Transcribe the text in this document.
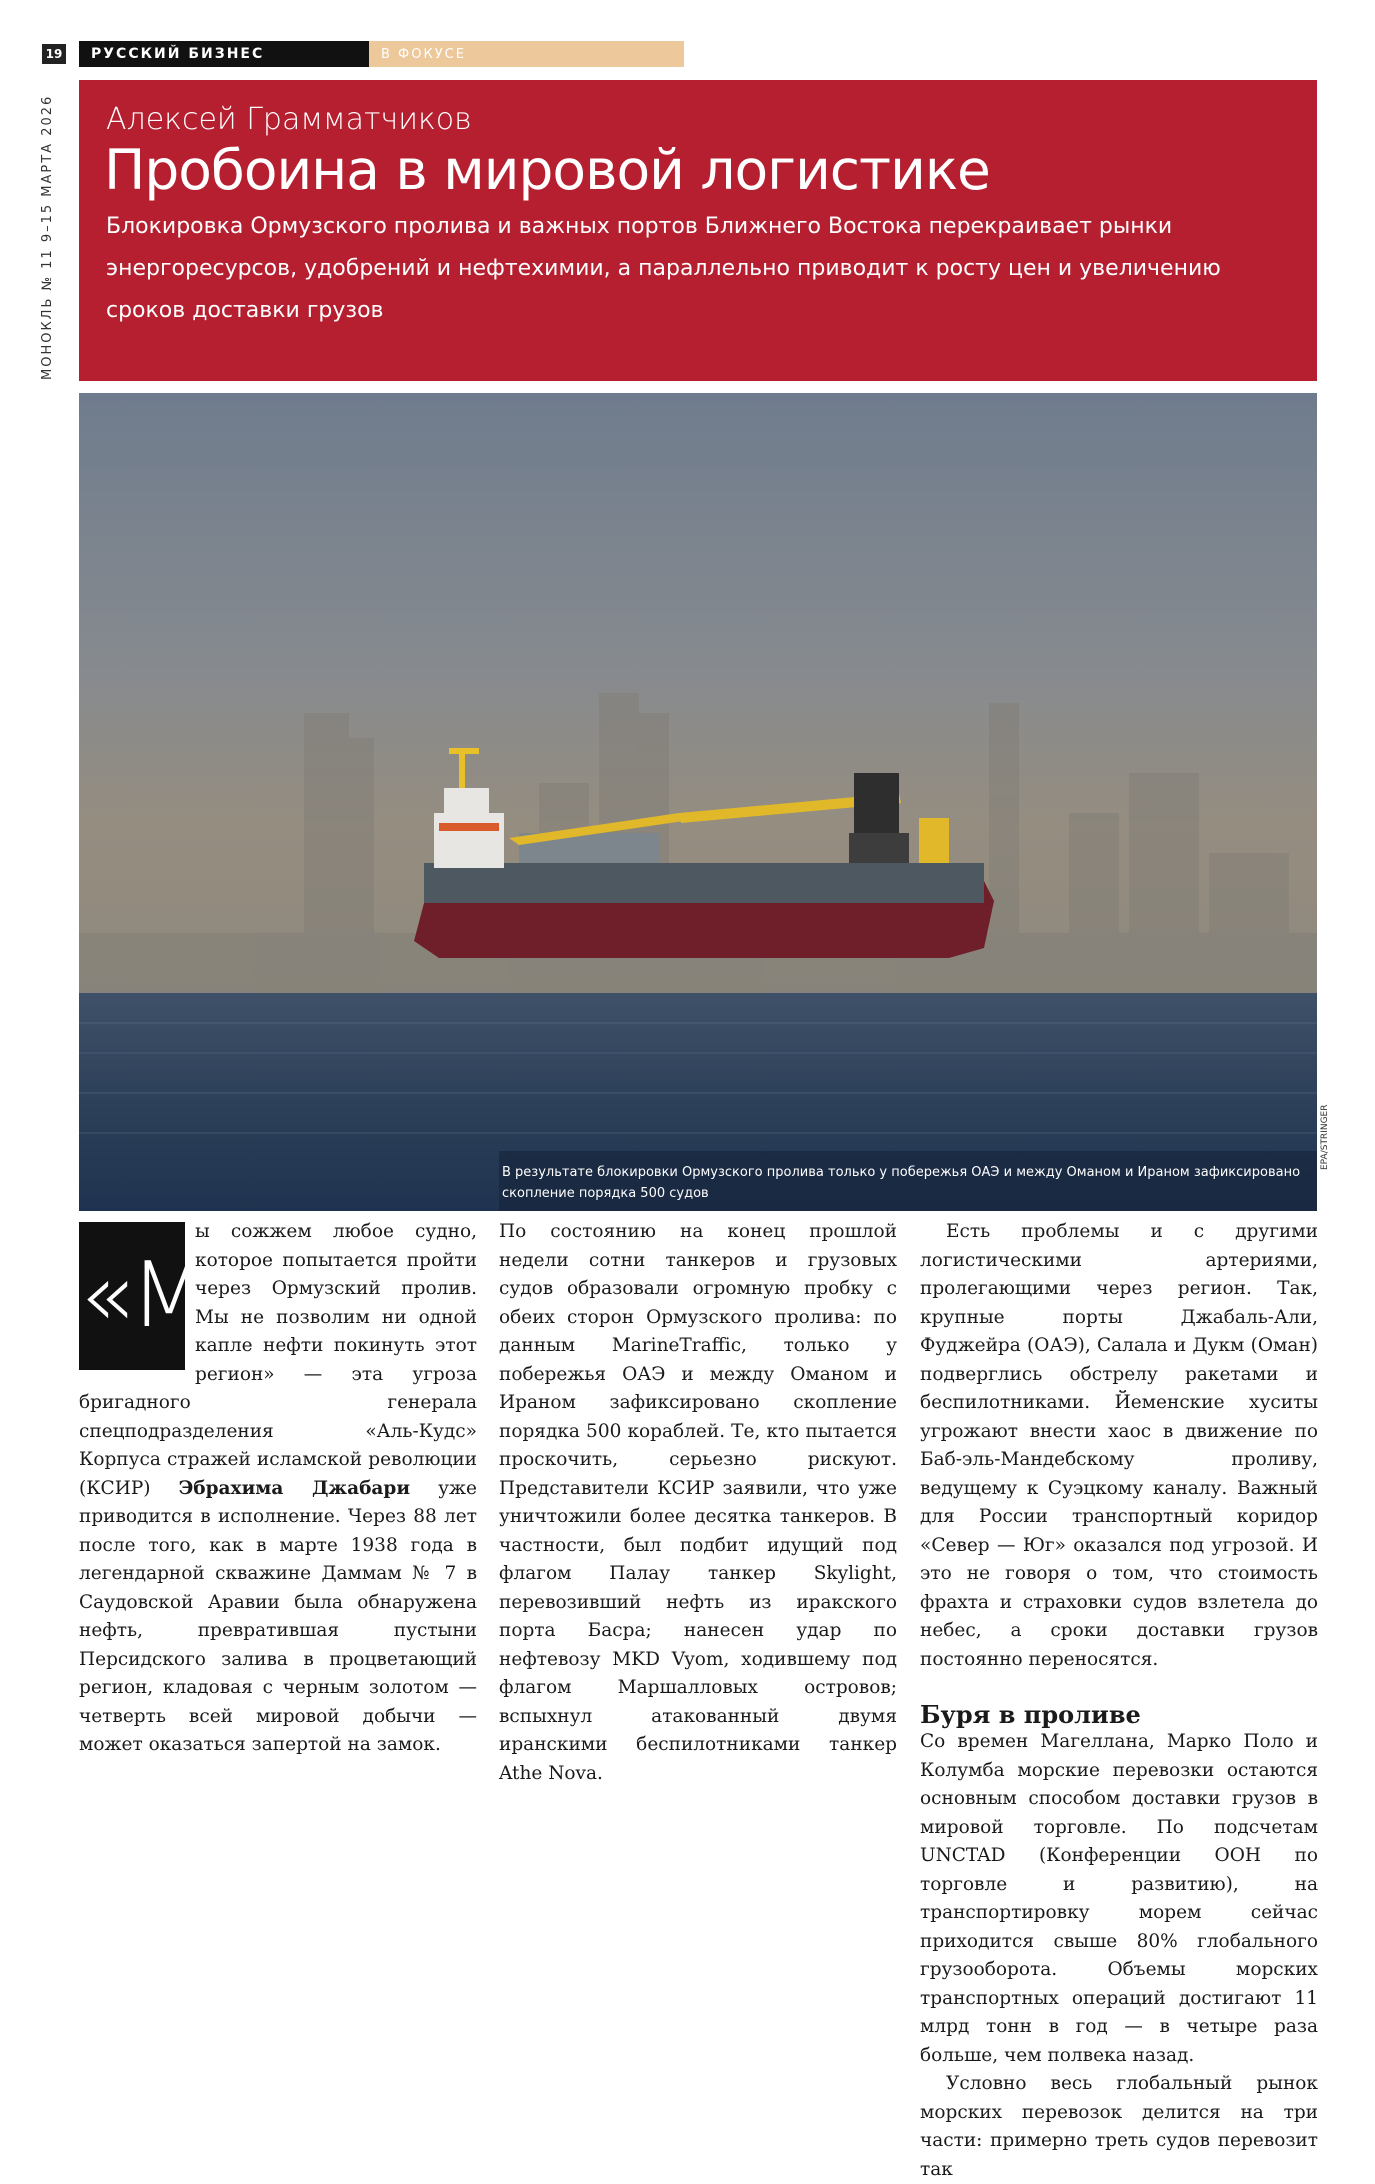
19	РУССКИЙ БИЗНЕС	В ФОКУСЕ
МОНОКЛЬ № 11 9–15 МАРТА 2026	Алексей Грамматчиков
Пробоина в мировой логистике
Блокировка Ормузского пролива и важных портов Ближнего Востока перекраивает рынки энергоресурсов, удобрений и нефтехимии, а параллельно приводит к росту цен и увеличению сроков доставки грузов
В результате блокировки Ормузского пролива только у побережья ОАЭ и между Оманом и Ираном зафиксировано скопление порядка 500 судов
EPA/STRINGER

«М
ы сожжем любое судно, которое попытается пройти через Ормузский пролив. Мы не позволим ни одной капле нефти покинуть этот регион» — эта угроза бригадного генерала спецподразделения «Аль-Кудс» Корпуса стражей исламской революции (КСИР) Эбрахима Джабари уже приводится в исполнение. Через 88 лет после того, как в марте 1938 года в легендарной скважине Даммам № 7 в Саудовской Аравии была обнаружена нефть, превратившая пустыни Персидского залива в процветающий регион, кладовая с черным золотом — четверть всей мировой добычи — может оказаться запертой на замок.

По состоянию на конец прошлой недели сотни танкеров и грузовых судов образовали огромную пробку с обеих сторон Ормузского пролива: по данным MarineTraffic, только у побережья ОАЭ и между Оманом и Ираном зафиксировано скопление порядка 500 кораблей. Те, кто пытается проскочить, серьезно рискуют. Представители КСИР заявили, что уже уничтожили более десятка танкеров. В частности, был подбит идущий под флагом Палау танкер Skylight, перевозивший нефть из иракского порта Басра; нанесен удар по нефтевозу MKD Vyom, ходившему под флагом Маршалловых островов; вспыхнул атакованный двумя иранскими беспилотниками танкер Athe Nova.

Есть проблемы и с другими логистическими артериями, пролегающими через регион. Так, крупные порты Джабаль-Али, Фуджейра (ОАЭ), Салала и Дукм (Оман) подверглись обстрелу ракетами и беспилотниками. Йеменские хуситы угрожают внести хаос в движение по Баб-эль-Мандебскому проливу, ведущему к Суэцкому каналу. Важный для России транспортный коридор «Север — Юг» оказался под угрозой. И это не говоря о том, что стоимость фрахта и страховки судов взлетела до небес, а сроки доставки грузов постоянно переносятся.

Буря в проливе

Со времен Магеллана, Марко Поло и Колумба морские перевозки остаются основным способом доставки грузов в мировой торговле. По подсчетам UNCTAD (Конференции ООН по торговле и развитию), на транспортировку морем сейчас приходится свыше 80% глобального грузооборота. Объемы морских транспортных операций достигают 11 млрд тонн в год — в четыре раза больше, чем полвека назад.

Условно весь глобальный рынок морских перевозок делится на три части: примерно треть судов перевозит так
